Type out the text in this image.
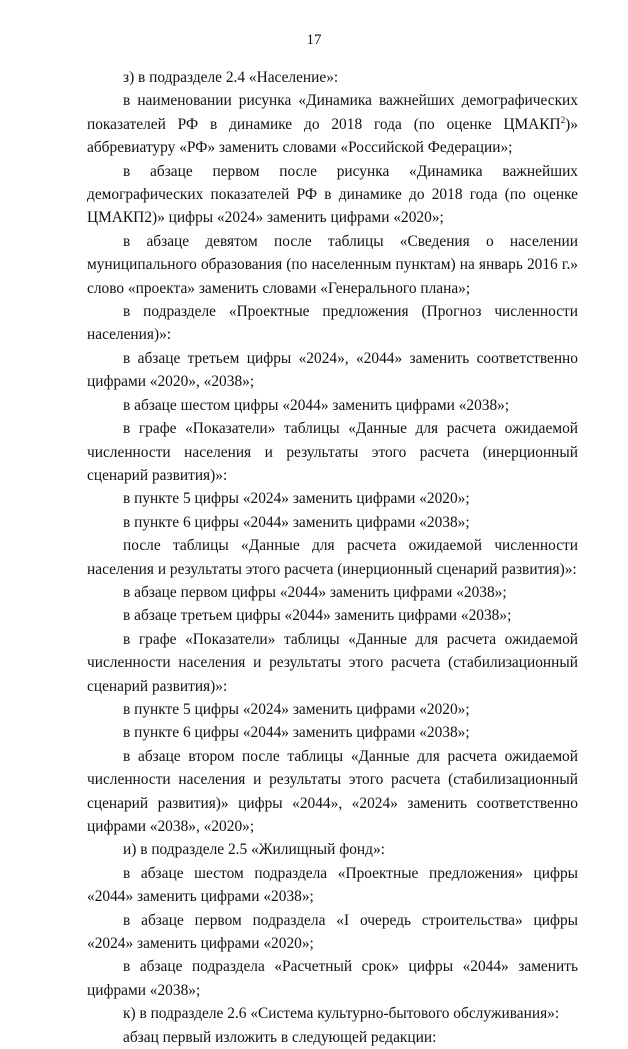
17

з) в подразделе 2.4 «Население»:

в наименовании рисунка «Динамика важнейших демографических показателей РФ в динамике до 2018 года (по оценке ЦМАКП$^2$)» аббревиатуру «РФ» заменить словами «Российской Федерации»;

в абзаце первом после рисунка «Динамика важнейших демографических показателей РФ в динамике до 2018 года (по оценке ЦМАКП2)» цифры «2024» заменить цифрами «2020»;

в абзаце девятом после таблицы «Сведения о населении муниципального образования (по населенным пунктам) на январь 2016 г.» слово «проекта» заменить словами «Генерального плана»;

в подразделе «Проектные предложения (Прогноз численности населения)»:

в абзаце третьем цифры «2024», «2044» заменить соответственно цифрами «2020», «2038»;

в абзаце шестом цифры «2044» заменить цифрами «2038»;

в графе «Показатели» таблицы «Данные для расчета ожидаемой численности населения и результаты этого расчета (инерционный сценарий развития)»:

в пункте 5 цифры «2024» заменить цифрами «2020»;

в пункте 6 цифры «2044» заменить цифрами «2038»;

после таблицы «Данные для расчета ожидаемой численности населения и результаты этого расчета (инерционный сценарий развития)»:

в абзаце первом цифры «2044» заменить цифрами «2038»;

в абзаце третьем цифры «2044» заменить цифрами «2038»;

в графе «Показатели» таблицы «Данные для расчета ожидаемой численности населения и результаты этого расчета (стабилизационный сценарий развития)»:

в пункте 5 цифры «2024» заменить цифрами «2020»;

в пункте 6 цифры «2044» заменить цифрами «2038»;

в абзаце втором после таблицы «Данные для расчета ожидаемой численности населения и результаты этого расчета (стабилизационный сценарий развития)» цифры «2044», «2024» заменить соответственно цифрами «2038», «2020»;

и) в подразделе 2.5 «Жилищный фонд»:

в абзаце шестом подраздела «Проектные предложения» цифры «2044» заменить цифрами «2038»;

в абзаце первом подраздела «I очередь строительства» цифры «2024» заменить цифрами «2020»;

в абзаце подраздела «Расчетный срок» цифры «2044» заменить цифрами «2038»;

к) в подразделе 2.6 «Система культурно-бытового обслуживания»:

абзац первый изложить в следующей редакции:
